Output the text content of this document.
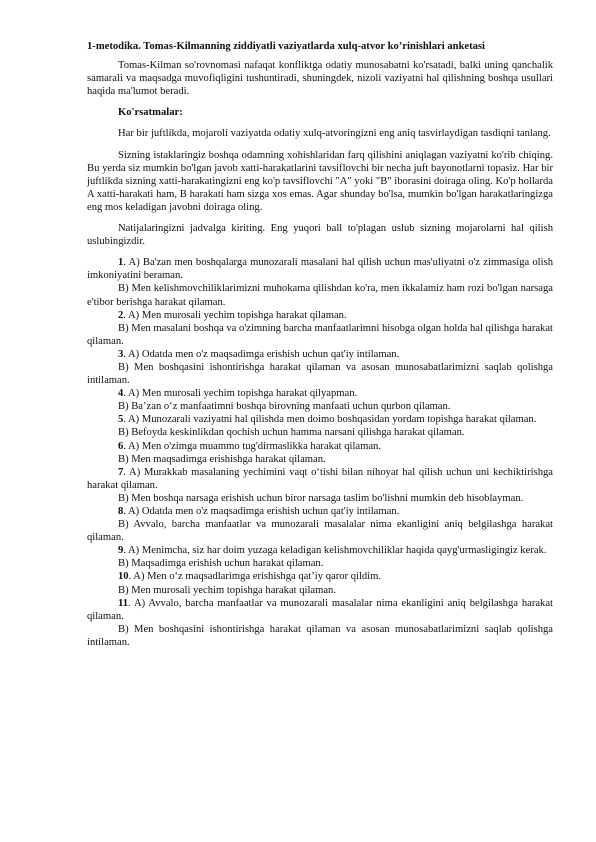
1-metodika. Tomas-Kilmanning ziddiyatli vaziyatlarda xulq-atvor ko’rinishlari anketasi

Tomas-Kilman so'rovnomasi nafaqat konfliktga odatiy munosabatni ko'rsatadi, balki uning qanchalik samarali va maqsadga muvofiqligini tushuntiradi, shuningdek, nizoli vaziyatni hal qilishning boshqa usullari haqida ma'lumot beradi.

Ko'rsatmalar:

Har bir juftlikda, mojaroli vaziyatda odatiy xulq-atvoringizni eng aniq tasvirlaydigan tasdiqni tanlang.

Sizning istaklaringiz boshqa odamning xohishlaridan farq qilishini aniqlagan vaziyatni ko'rib chiqing. Bu yerda siz mumkin bo'lgan javob xatti-harakatlarini tavsiflovchi bir necha juft bayonotlarni topasiz. Har bir juftlikda sizning xatti-harakatingizni eng ko'p tavsiflovchi "A" yoki "B" iborasini doiraga oling. Ko'p hollarda A xatti-harakati ham, B harakati ham sizga xos emas. Agar shunday bo'lsa, mumkin bo'lgan harakatlaringizga eng mos keladigan javobni doiraga oling.

Natijalaringizni jadvalga kiriting. Eng yuqori ball to'plagan uslub sizning mojarolarni hal qilish uslubingizdir.

1. A) Ba'zan men boshqalarga munozarali masalani hal qilish uchun mas'uliyatni o'z zimmasiga olish imkoniyatini beraman.

B) Men kelishmovchiliklarimizni muhokama qilishdan ko'ra, men ikkalamiz ham rozi bo'lgan narsaga e'tibor berishga harakat qilaman.

2. A) Men murosali yechim topishga harakat qilaman.

B) Men masalani boshqa va o'zimning barcha manfaatlarimni hisobga olgan holda hal qilishga harakat qilaman.

3. A) Odatda men o'z maqsadimga erishish uchun qat'iy intilaman.

B) Men boshqasini ishontirishga harakat qilaman va asosan munosabatlarimizni saqlab qolishga intilaman.

4. A) Men murosali yechim topishga harakat qilyapman.

B) Ba’zan o‘z manfaatimni boshqa birovning manfaati uchun qurbon qilaman.

5. A) Munozarali vaziyatni hal qilishda men doimo boshqasidan yordam topishga harakat qilaman.

B) Befoyda keskinlikdan qochish uchun hamma narsani qilishga harakat qilaman.

6. A) Men o'zimga muammo tug'dirmaslikka harakat qilaman.

B) Men maqsadimga erishishga harakat qilaman.

7. A) Murakkab masalaning yechimini vaqt o‘tishi bilan nihoyat hal qilish uchun uni kechiktirishga harakat qilaman.

B) Men boshqa narsaga erishish uchun biror narsaga taslim bo'lishni mumkin deb hisoblayman.

8. A) Odatda men o'z maqsadimga erishish uchun qat'iy intilaman.

B) Avvalo, barcha manfaatlar va munozarali masalalar nima ekanligini aniq belgilashga harakat qilaman.

9. A) Menimcha, siz har doim yuzaga keladigan kelishmovchiliklar haqida qayg'urmasligingiz kerak.

B) Maqsadimga erishish uchun harakat qilaman.

10. A) Men o‘z maqsadlarimga erishishga qat’iy qaror qildim.

B) Men murosali yechim topishga harakat qilaman.

11. A) Avvalo, barcha manfaatlar va munozarali masalalar nima ekanligini aniq belgilashga harakat qilaman.

B) Men boshqasini ishontirishga harakat qilaman va asosan munosabatlarimizni saqlab qolishga intilaman.
